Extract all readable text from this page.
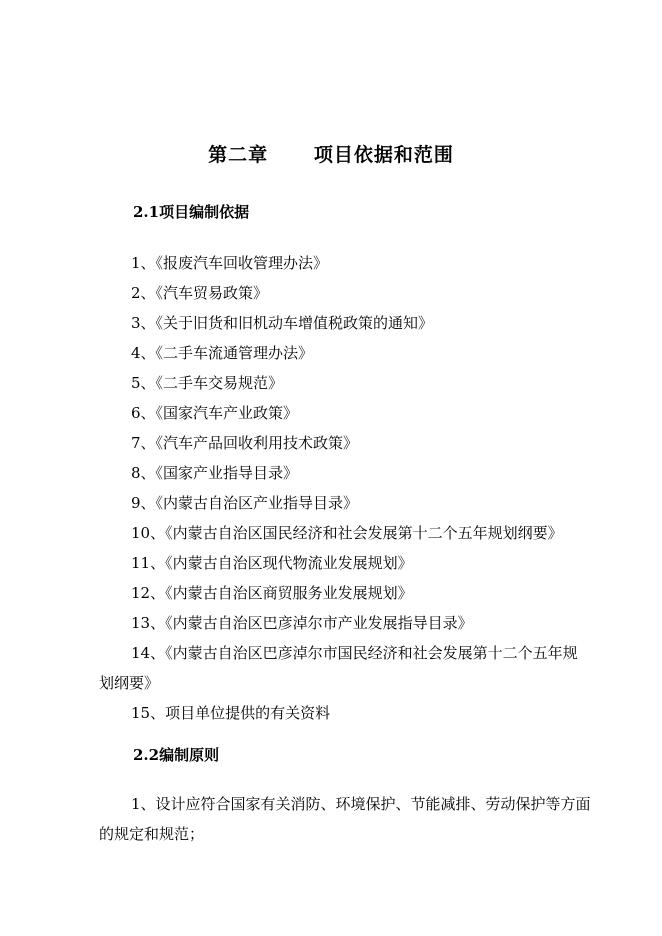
第二章      项目依据和范围
2.1项目编制依据
1、《报废汽车回收管理办法》
2、《汽车贸易政策》
3、《关于旧货和旧机动车增值税政策的通知》
4、《二手车流通管理办法》
5、《二手车交易规范》
6、《国家汽车产业政策》
7、《汽车产品回收利用技术政策》
8、《国家产业指导目录》
9、《内蒙古自治区产业指导目录》
10、《内蒙古自治区国民经济和社会发展第十二个五年规划纲要》
11、《内蒙古自治区现代物流业发展规划》
12、《内蒙古自治区商贸服务业发展规划》
13、《内蒙古自治区巴彦淖尔市产业发展指导目录》
14、《内蒙古自治区巴彦淖尔市国民经济和社会发展第十二个五年规划纲要》
15、项目单位提供的有关资料
2.2编制原则

1、设计应符合国家有关消防、环境保护、节能减排、劳动保护等方面的规定和规范；
